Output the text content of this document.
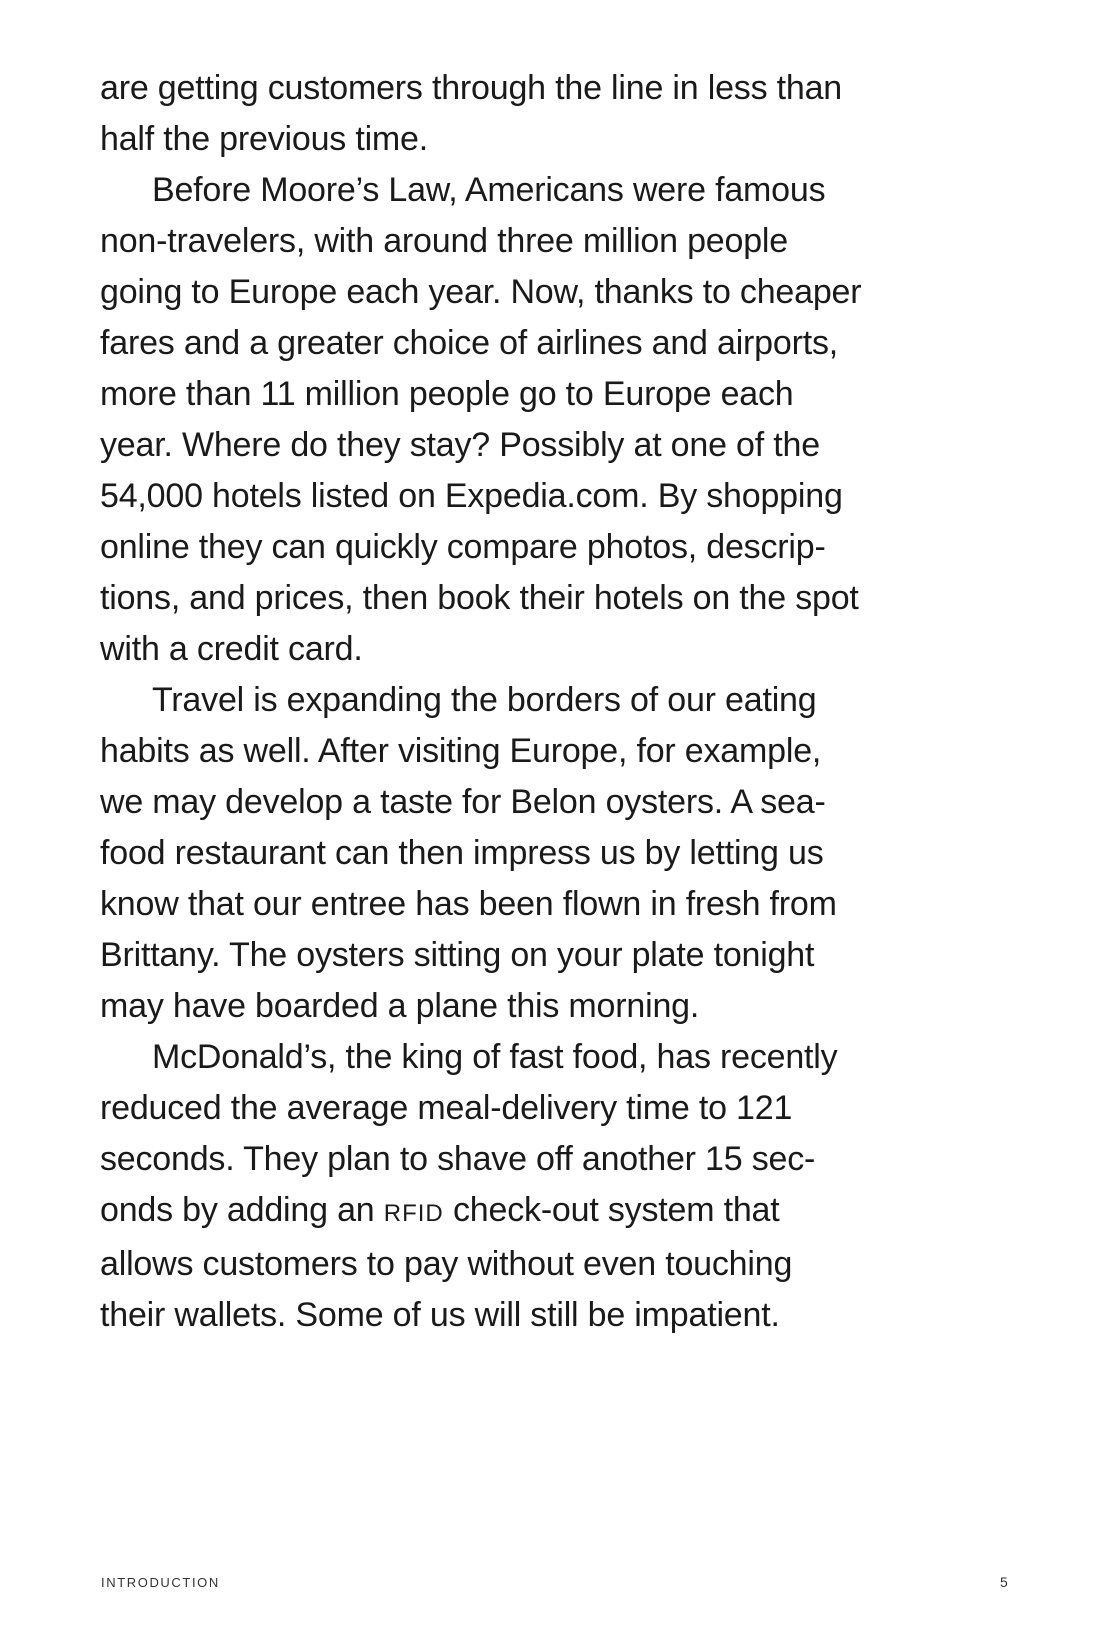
are getting customers through the line in less than
half the previous time.
Before Moore’s Law, Americans were famous
non-travelers, with around three million people
going to Europe each year. Now, thanks to cheaper
fares and a greater choice of airlines and airports,
more than 11 million people go to Europe each
year. Where do they stay? Possibly at one of the
54,000 hotels listed on Expedia.com. By shopping
online they can quickly compare photos, descrip-
tions, and prices, then book their hotels on the spot
with a credit card.
Travel is expanding the borders of our eating
habits as well. After visiting Europe, for example,
we may develop a taste for Belon oysters. A sea-
food restaurant can then impress us by letting us
know that our entree has been flown in fresh from
Brittany. The oysters sitting on your plate tonight
may have boarded a plane this morning.
McDonald’s, the king of fast food, has recently
reduced the average meal-delivery time to 121
seconds. They plan to shave off another 15 sec-
onds by adding an RFID check-out system that
allows customers to pay without even touching
their wallets. Some of us will still be impatient.
INTRODUCTION	5
